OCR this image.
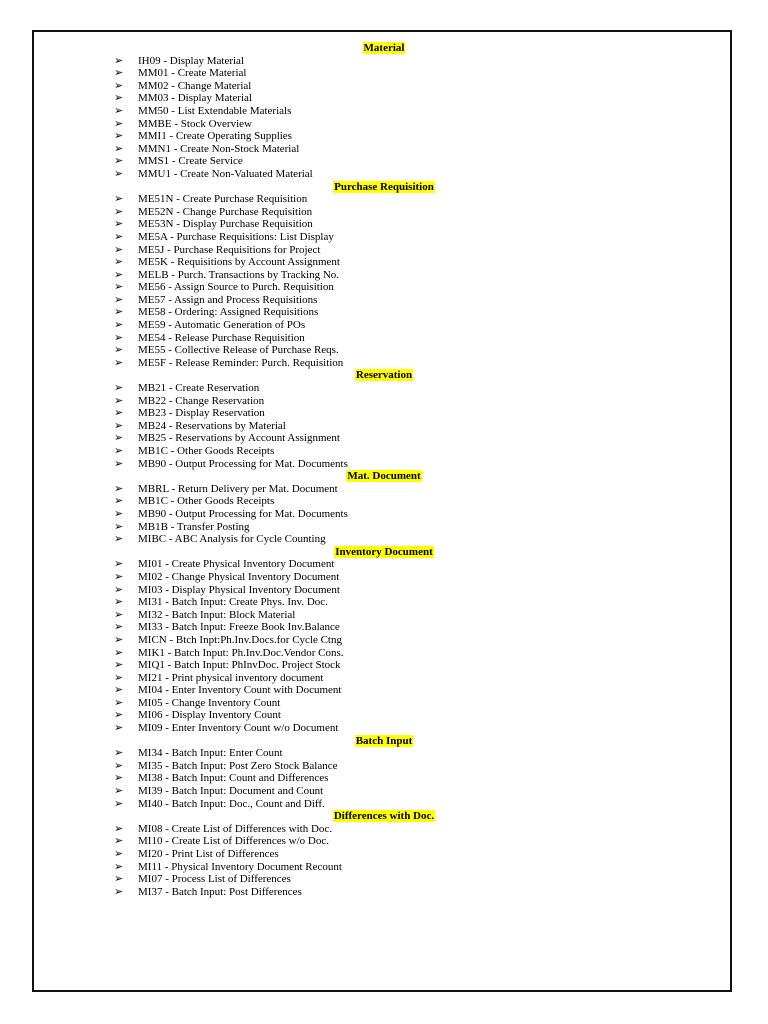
Material
➢ IH09 - Display Material
➢ MM01 - Create Material
➢ MM02 - Change Material
➢ MM03 - Display Material
➢ MM50 - List Extendable Materials
➢ MMBE - Stock Overview
➢ MMI1 - Create Operating Supplies
➢ MMN1 - Create Non-Stock Material
➢ MMS1 - Create Service
➢ MMU1 - Create Non-Valuated Material
Purchase Requisition
➢ ME51N - Create Purchase Requisition
➢ ME52N - Change Purchase Requisition
➢ ME53N - Display Purchase Requisition
➢ ME5A - Purchase Requisitions: List Display
➢ ME5J - Purchase Requisitions for Project
➢ ME5K - Requisitions by Account Assignment
➢ MELB - Purch. Transactions by Tracking No.
➢ ME56 - Assign Source to Purch. Requisition
➢ ME57 - Assign and Process Requisitions
➢ ME58 - Ordering: Assigned Requisitions
➢ ME59 - Automatic Generation of POs
➢ ME54 - Release Purchase Requisition
➢ ME55 - Collective Release of Purchase Reqs.
➢ ME5F - Release Reminder: Purch. Requisition
Reservation
➢ MB21 - Create Reservation
➢ MB22 - Change Reservation
➢ MB23 - Display Reservation
➢ MB24 - Reservations by Material
➢ MB25 - Reservations by Account Assignment
➢ MB1C - Other Goods Receipts
➢ MB90 - Output Processing for Mat. Documents
Mat. Document
➢ MBRL - Return Delivery per Mat. Document
➢ MB1C - Other Goods Receipts
➢ MB90 - Output Processing for Mat. Documents
➢ MB1B - Transfer Posting
➢ MIBC - ABC Analysis for Cycle Counting
Inventory Document
➢ MI01 - Create Physical Inventory Document
➢ MI02 - Change Physical Inventory Document
➢ MI03 - Display Physical Inventory Document
➢ MI31 - Batch Input: Create Phys. Inv. Doc.
➢ MI32 - Batch Input: Block Material
➢ MI33 - Batch Input: Freeze Book Inv.Balance
➢ MICN - Btch Inpt:Ph.Inv.Docs.for Cycle Ctng
➢ MIK1 - Batch Input: Ph.Inv.Doc.Vendor Cons.
➢ MIQ1 - Batch Input: PhInvDoc. Project Stock
➢ MI21 - Print physical inventory document
➢ MI04 - Enter Inventory Count with Document
➢ MI05 - Change Inventory Count
➢ MI06 - Display Inventory Count
➢ MI09 - Enter Inventory Count w/o Document
Batch Input
➢ MI34 - Batch Input: Enter Count
➢ MI35 - Batch Input: Post Zero Stock Balance
➢ MI38 - Batch Input: Count and Differences
➢ MI39 - Batch Input: Document and Count
➢ MI40 - Batch Input: Doc., Count and Diff.
Differences with Doc.
➢ MI08 - Create List of Differences with Doc.
➢ MI10 - Create List of Differences w/o Doc.
➢ MI20 - Print List of Differences
➢ MI11 - Physical Inventory Document Recount
➢ MI07 - Process List of Differences
➢ MI37 - Batch Input: Post Differences
